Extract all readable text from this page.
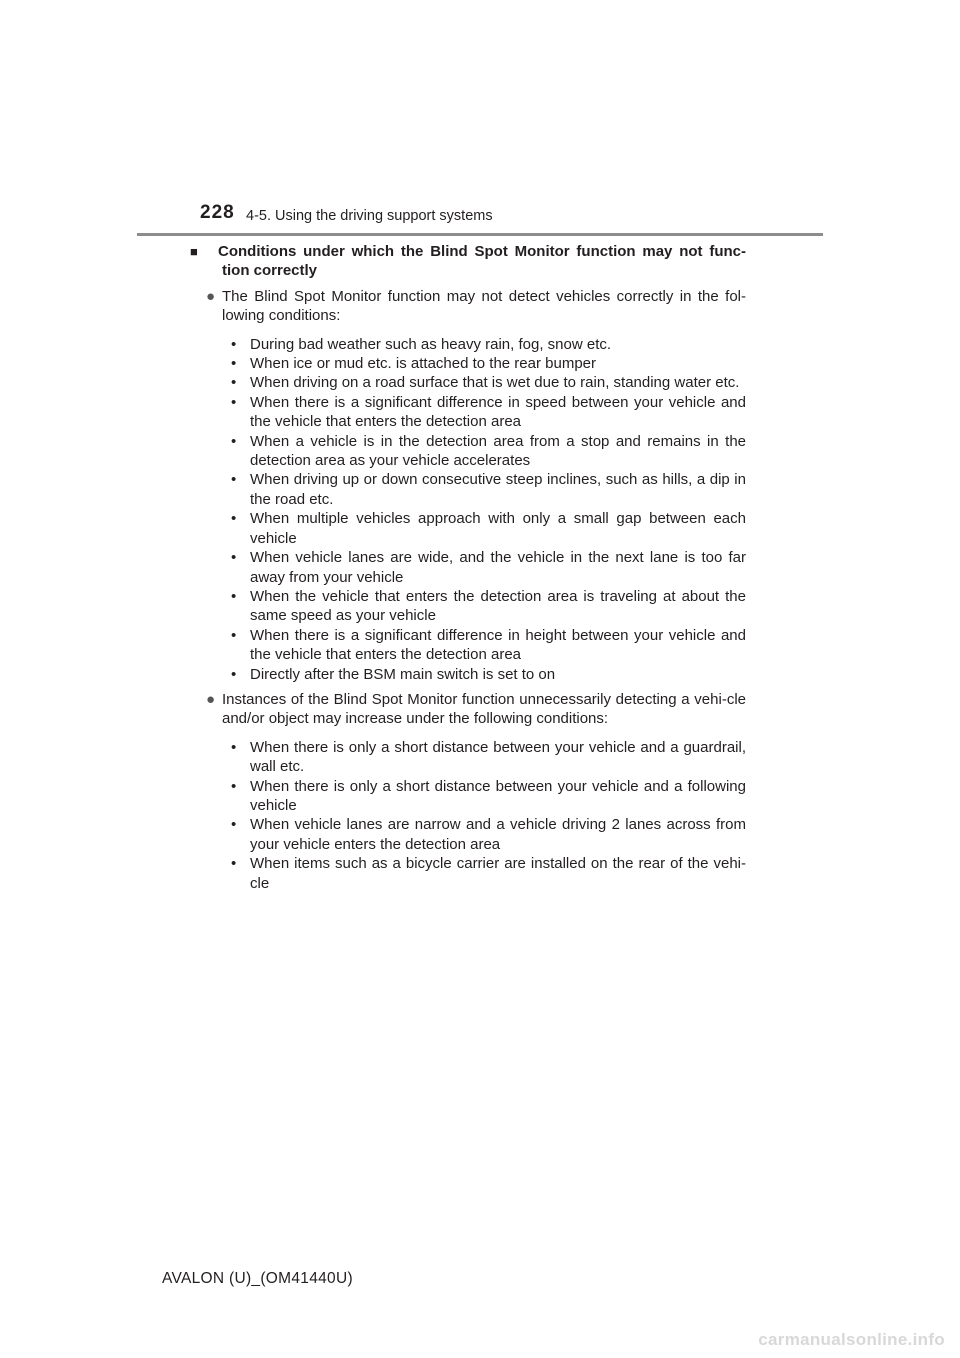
228 4-5. Using the driving support systems

■ Conditions under which the Blind Spot Monitor function may not func-tion correctly

● The Blind Spot Monitor function may not detect vehicles correctly in the fol-lowing conditions:
• During bad weather such as heavy rain, fog, snow etc.
• When ice or mud etc. is attached to the rear bumper
• When driving on a road surface that is wet due to rain, standing water etc.
• When there is a significant difference in speed between your vehicle and the vehicle that enters the detection area
• When a vehicle is in the detection area from a stop and remains in the detection area as your vehicle accelerates
• When driving up or down consecutive steep inclines, such as hills, a dip in the road etc.
• When multiple vehicles approach with only a small gap between each vehicle
• When vehicle lanes are wide, and the vehicle in the next lane is too far away from your vehicle
• When the vehicle that enters the detection area is traveling at about the same speed as your vehicle
• When there is a significant difference in height between your vehicle and the vehicle that enters the detection area
• Directly after the BSM main switch is set to on
● Instances of the Blind Spot Monitor function unnecessarily detecting a vehi-cle and/or object may increase under the following conditions:
• When there is only a short distance between your vehicle and a guardrail, wall etc.
• When there is only a short distance between your vehicle and a following vehicle
• When vehicle lanes are narrow and a vehicle driving 2 lanes across from your vehicle enters the detection area
• When items such as a bicycle carrier are installed on the rear of the vehi-cle
AVALON (U)_(OM41440U)
carmanualsonline.info
